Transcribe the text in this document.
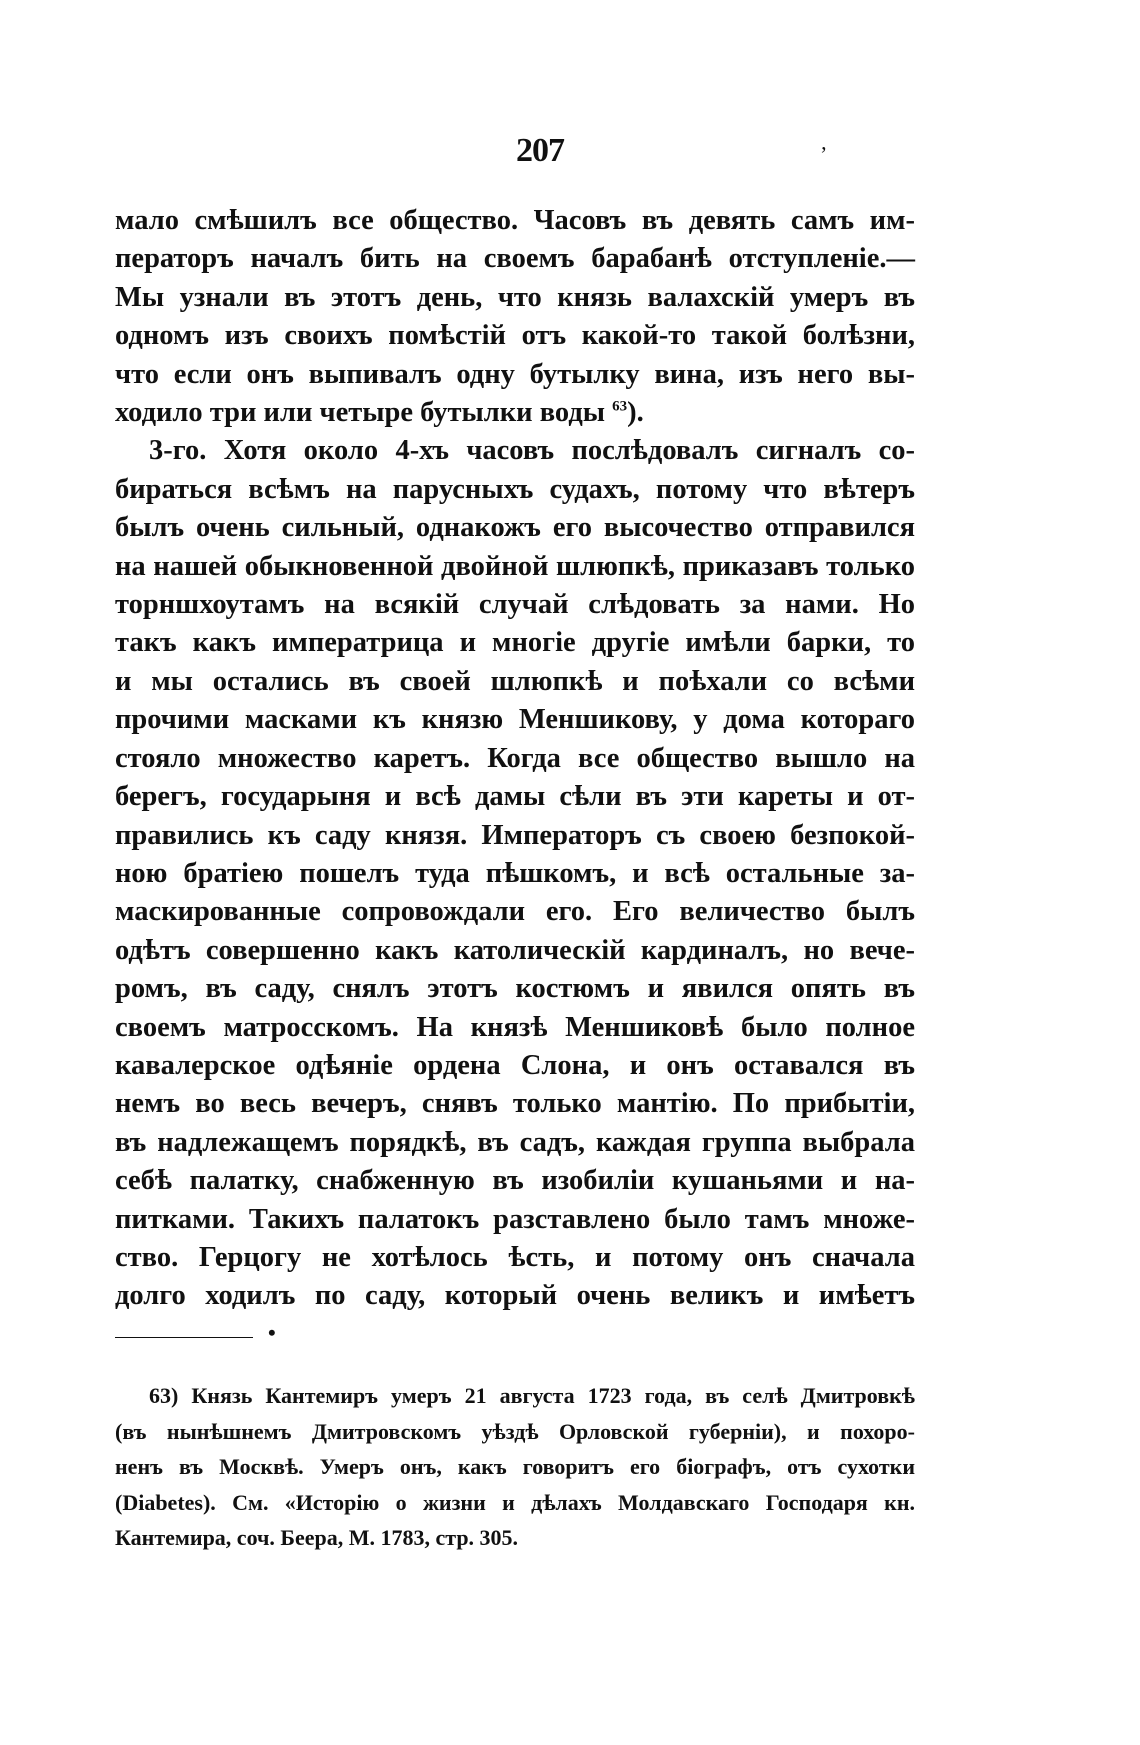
207	ʼ
мало смѣшилъ все общество. Часовъ въ девять самъ им-
ператоръ началъ бить на своемъ барабанѣ отступленіе.—
Мы узнали въ этотъ день, что князь валахскій умеръ въ
одномъ изъ своихъ помѣстій отъ какой-то такой болѣзни,
что если онъ выпивалъ одну бутылку вина, изъ него вы-
ходило три или четыре бутылки воды $^{63}$).
3-го. Хотя около 4-хъ часовъ послѣдовалъ сигналъ со-
бираться всѣмъ на парусныхъ судахъ, потому что вѣтеръ
былъ очень сильный, однакожъ его высочество отправился
на нашей обыкновенной двойной шлюпкѣ, приказавъ только
торншхоутамъ на всякій случай слѣдовать за нами. Но
такъ какъ императрица и многіе другіе имѣли барки, то
и мы остались въ своей шлюпкѣ и поѣхали со всѣми
прочими масками къ князю Меншикову, у дома котораго
стояло множество каретъ. Когда все общество вышло на
берегъ, государыня и всѣ дамы сѣли въ эти кареты и от-
правились къ саду князя. Императоръ съ своею безпокой-
ною братіею пошелъ туда пѣшкомъ, и всѣ остальные за-
маскированные сопровождали его. Его величество былъ
одѣтъ совершенно какъ католическій кардиналъ, но вече-
ромъ, въ саду, снялъ этотъ костюмъ и явился опять въ
своемъ матросскомъ. На князѣ Меншиковѣ было полное
кавалерское одѣяніе ордена Слона, и онъ оставался въ
немъ во весь вечеръ, снявъ только мантію. По прибытіи,
въ надлежащемъ порядкѣ, въ садъ, каждая группа выбрала
себѣ палатку, снабженную въ изобиліи кушаньями и на-
питками. Такихъ палатокъ разставлено было тамъ множе-
ство. Герцогу не хотѣлось ѣсть, и потому онъ сначала
долго ходилъ по саду, который очень великъ и имѣетъ
•
63) Князь Кантемиръ умеръ 21 августа 1723 года, въ селѣ Дмитровкѣ
(въ нынѣшнемъ Дмитровскомъ уѣздѣ Орловской губерніи), и похоро-
ненъ въ Москвѣ. Умеръ онъ, какъ говоритъ его біографъ, отъ сухотки
(Diabetes). См. «Исторію о жизни и дѣлахъ Молдавскаго Господаря кн.
Кантемира, соч. Беера, М. 1783, стр. 305.
